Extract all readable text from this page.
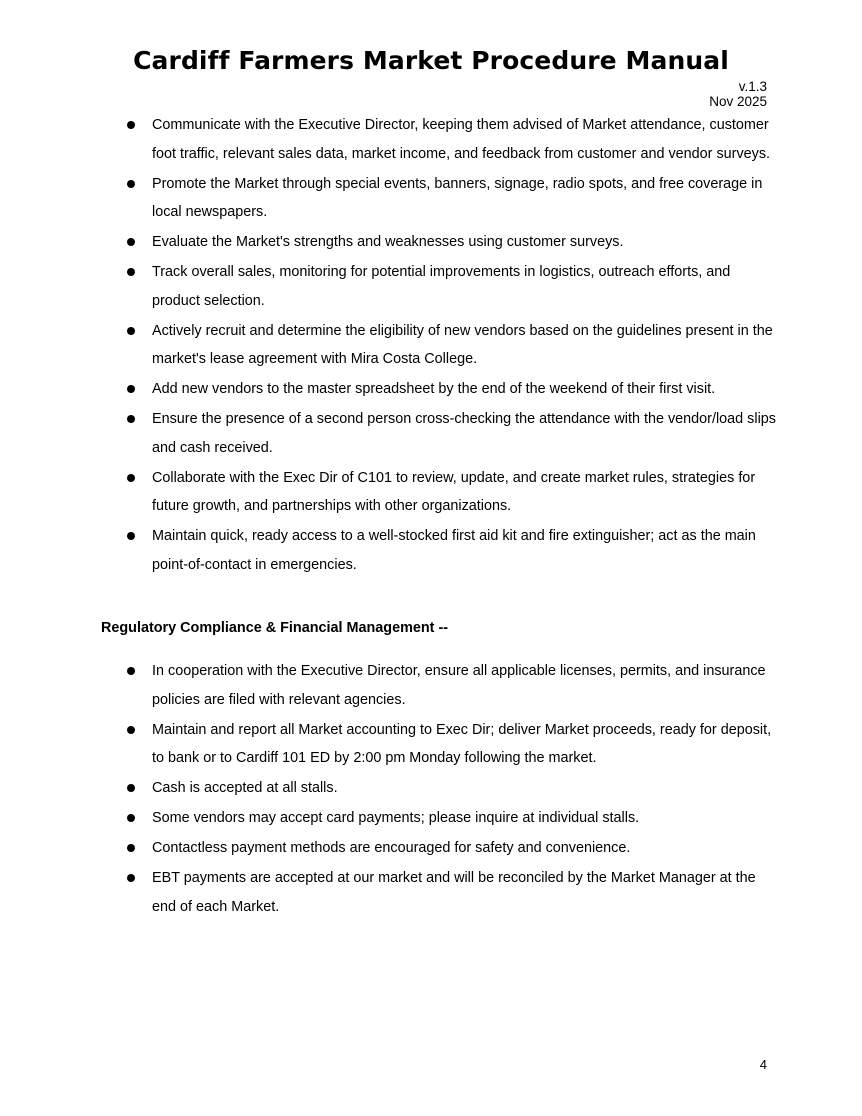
Cardiff Farmers Market Procedure Manual
v.1.3
Nov 2025
Communicate with the Executive Director, keeping them advised of Market attendance, customer foot traffic, relevant sales data, market income, and feedback from customer and vendor surveys.
Promote the Market through special events, banners, signage, radio spots, and free coverage in local newspapers.
Evaluate the Market's strengths and weaknesses using customer surveys.
Track overall sales, monitoring for potential improvements in logistics, outreach efforts, and product selection.
Actively recruit and determine the eligibility of new vendors based on the guidelines present in the market's lease agreement with Mira Costa College.
Add new vendors to the master spreadsheet by the end of the weekend of their first visit.
Ensure the presence of a second person cross-checking the attendance with the vendor/load slips and cash received.
Collaborate with the Exec Dir of C101 to review, update, and create market rules, strategies for future growth, and partnerships with other organizations.
Maintain quick, ready access to a well-stocked first aid kit and fire extinguisher; act as the main point-of-contact in emergencies.
Regulatory Compliance & Financial Management --
In cooperation with the Executive Director, ensure all applicable licenses, permits, and insurance policies are filed with relevant agencies.
Maintain and report all Market accounting to Exec Dir; deliver Market proceeds, ready for deposit, to bank or to Cardiff 101 ED by 2:00 pm Monday following the market.
Cash is accepted at all stalls.
Some vendors may accept card payments; please inquire at individual stalls.
Contactless payment methods are encouraged for safety and convenience.
EBT payments are accepted at our market and will be reconciled by the Market Manager at the end of each Market.
4
